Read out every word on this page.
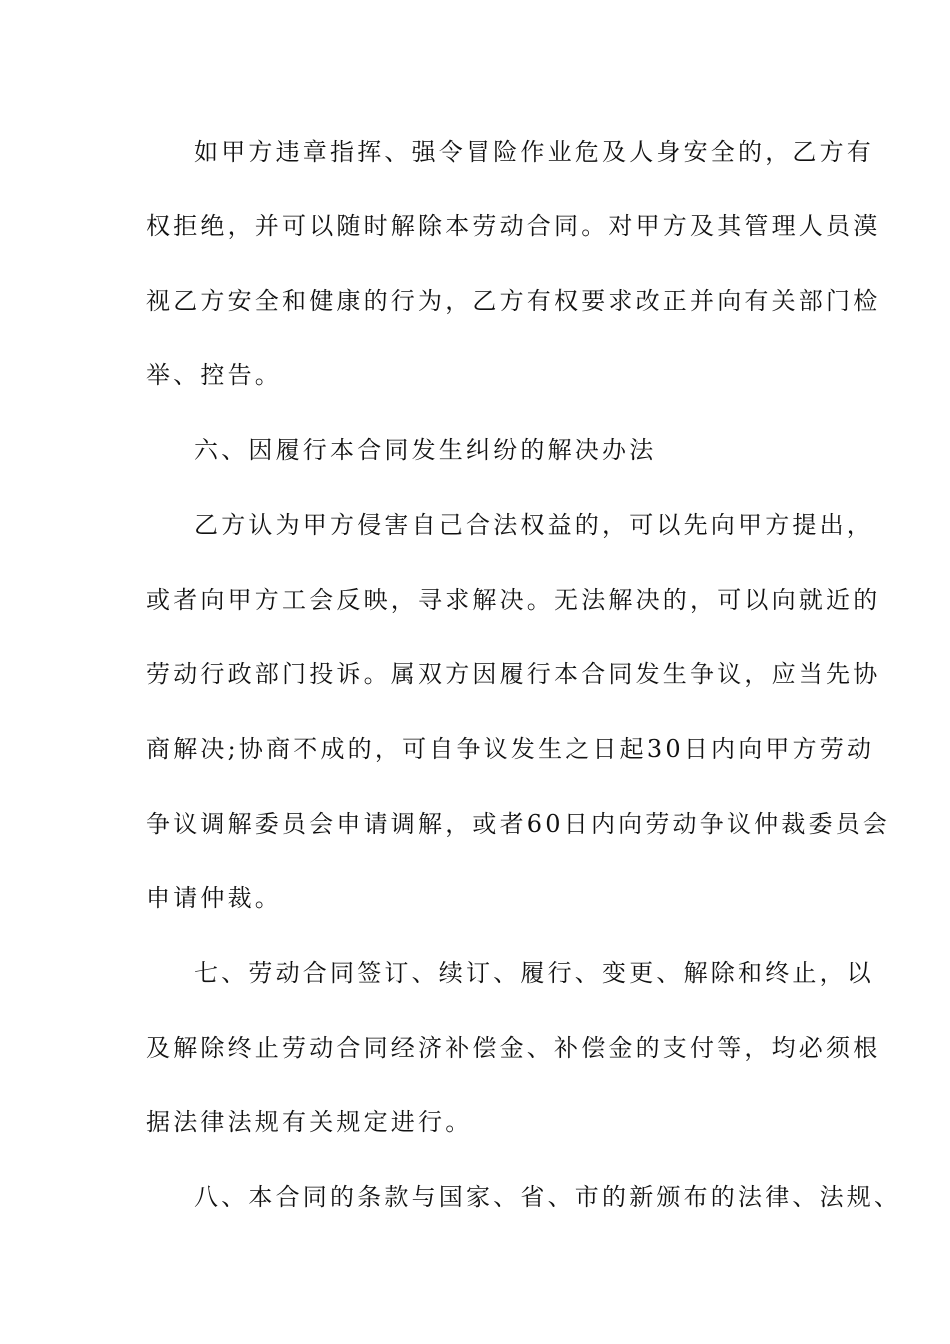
如甲方违章指挥、强令冒险作业危及人身安全的，乙方有
权拒绝，并可以随时解除本劳动合同。对甲方及其管理人员漠
视乙方安全和健康的行为，乙方有权要求改正并向有关部门检
举、控告。
六、因履行本合同发生纠纷的解决办法
乙方认为甲方侵害自己合法权益的，可以先向甲方提出，
或者向甲方工会反映，寻求解决。无法解决的，可以向就近的
劳动行政部门投诉。属双方因履行本合同发生争议，应当先协
商解决;协商不成的，可自争议发生之日起30日内向甲方劳动
争议调解委员会申请调解，或者60日内向劳动争议仲裁委员会
申请仲裁。
七、劳动合同签订、续订、履行、变更、解除和终止，以
及解除终止劳动合同经济补偿金、补偿金的支付等，均必须根
据法律法规有关规定进行。
八、本合同的条款与国家、省、市的新颁布的法律、法规、
